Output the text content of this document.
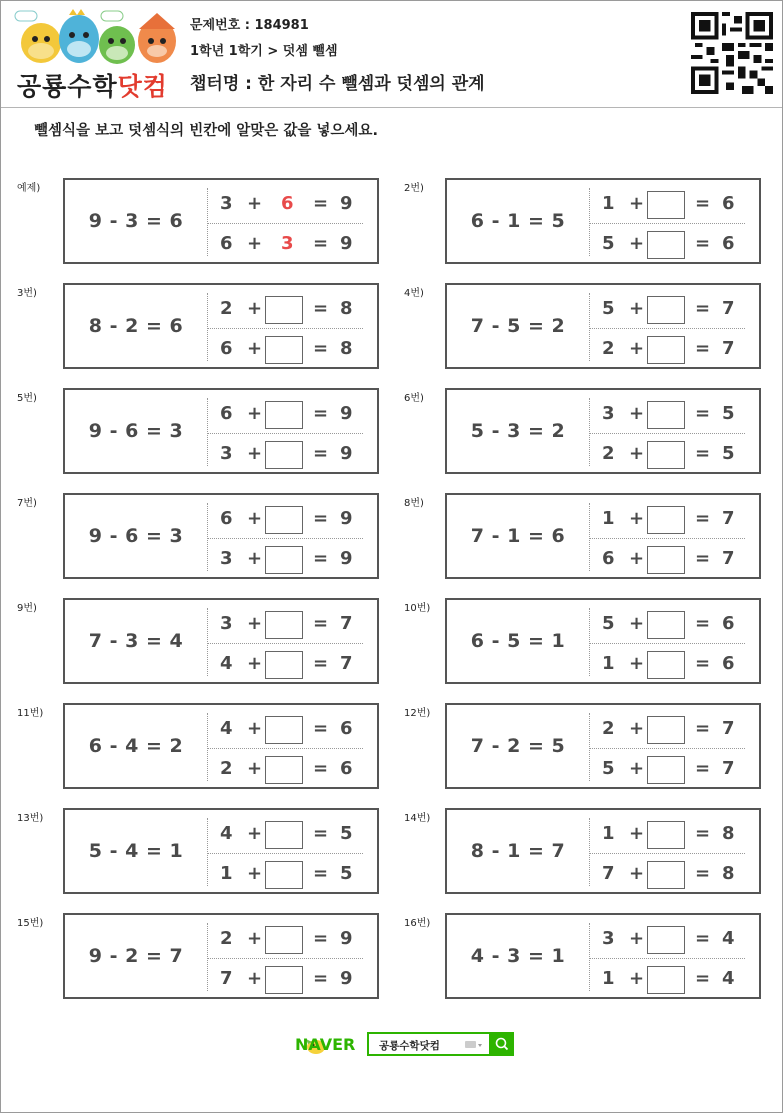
공룡수학닷컴
문제번호 : 184981
1학년 1학기 > 덧셈 뺄셈
챕터명 : 한 자리 수 뺄셈과 덧셈의 관계
뺄셈식을 보고 덧셈식의 빈칸에 알맞은 값을 넣으세요.
예제)
9 - 3 = 6
3 + 6 = 9
6 + 3 = 9
2번)
6 - 1 = 5
1 +	= 6
5 +	= 6
3번)
8 - 2 = 6
2 +	= 8
6 +	= 8
4번)
7 - 5 = 2
5 +	= 7
2 +	= 7
5번)
9 - 6 = 3
6 +	= 9
3 +	= 9
6번)
5 - 3 = 2
3 +	= 5
2 +	= 5
7번)
9 - 6 = 3
6 +	= 9
3 +	= 9
8번)
7 - 1 = 6
1 +	= 7
6 +	= 7
9번)
7 - 3 = 4
3 +	= 7
4 +	= 7
10번)
6 - 5 = 1
5 +	= 6
1 +	= 6
11번)
6 - 4 = 2
4 +	= 6
2 +	= 6
12번)
7 - 2 = 5
2 +	= 7
5 +	= 7
13번)
5 - 4 = 1
4 +	= 5
1 +	= 5
14번)
8 - 1 = 7
1 +	= 8
7 +	= 8
15번)
9 - 2 = 7
2 +	= 9
7 +	= 9
16번)
4 - 3 = 1
3 +	= 4
1 +	= 4
NAVER 공룡수학닷컴
